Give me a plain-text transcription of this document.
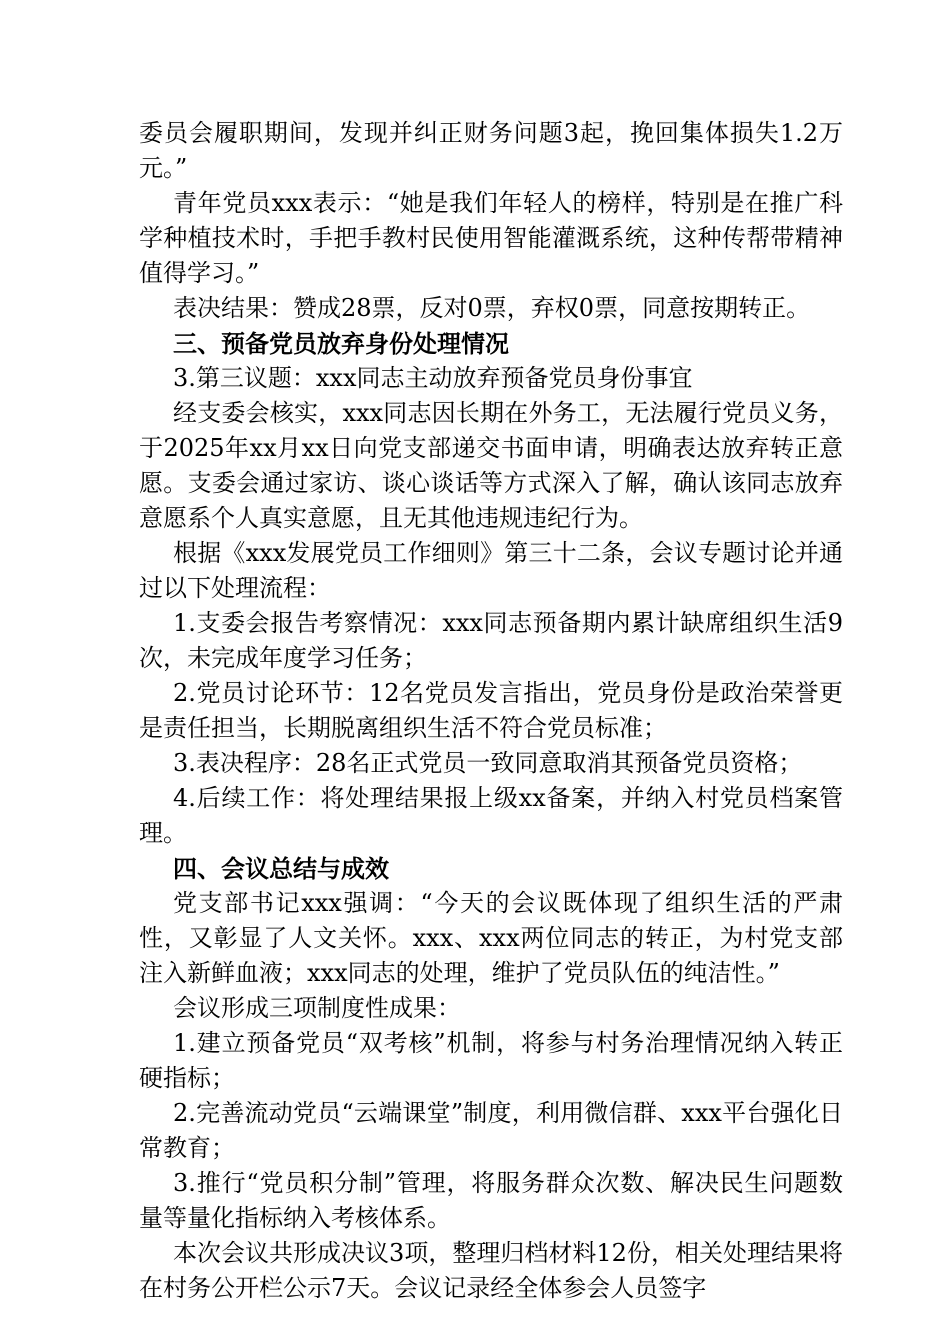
委员会履职期间，发现并纠正财务问题3起，挽回集体损失1.2万元。”

青年党员xxx表示：“她是我们年轻人的榜样，特别是在推广科学种植技术时，手把手教村民使用智能灌溉系统，这种传帮带精神值得学习。”

表决结果：赞成28票，反对0票，弃权0票，同意按期转正。

三、预备党员放弃身份处理情况

3.第三议题：xxx同志主动放弃预备党员身份事宜

经支委会核实，xxx同志因长期在外务工，无法履行党员义务，于2025年xx月xx日向党支部递交书面申请，明确表达放弃转正意愿。支委会通过家访、谈心谈话等方式深入了解，确认该同志放弃意愿系个人真实意愿，且无其他违规违纪行为。

根据《xxx发展党员工作细则》第三十二条，会议专题讨论并通过以下处理流程：

1.支委会报告考察情况：xxx同志预备期内累计缺席组织生活9次，未完成年度学习任务；

2.党员讨论环节：12名党员发言指出，党员身份是政治荣誉更是责任担当，长期脱离组织生活不符合党员标准；

3.表决程序：28名正式党员一致同意取消其预备党员资格；

4.后续工作：将处理结果报上级xx备案，并纳入村党员档案管理。

四、会议总结与成效

党支部书记xxx强调：“今天的会议既体现了组织生活的严肃性，又彰显了人文关怀。xxx、xxx两位同志的转正，为村党支部注入新鲜血液；xxx同志的处理，维护了党员队伍的纯洁性。”

会议形成三项制度性成果：

1.建立预备党员“双考核”机制，将参与村务治理情况纳入转正硬指标；

2.完善流动党员“云端课堂”制度，利用微信群、xxx平台强化日常教育；

3.推行“党员积分制”管理，将服务群众次数、解决民生问题数量等量化指标纳入考核体系。

本次会议共形成决议3项，整理归档材料12份，相关处理结果将在村务公开栏公示7天。会议记录经全体参会人员签字
